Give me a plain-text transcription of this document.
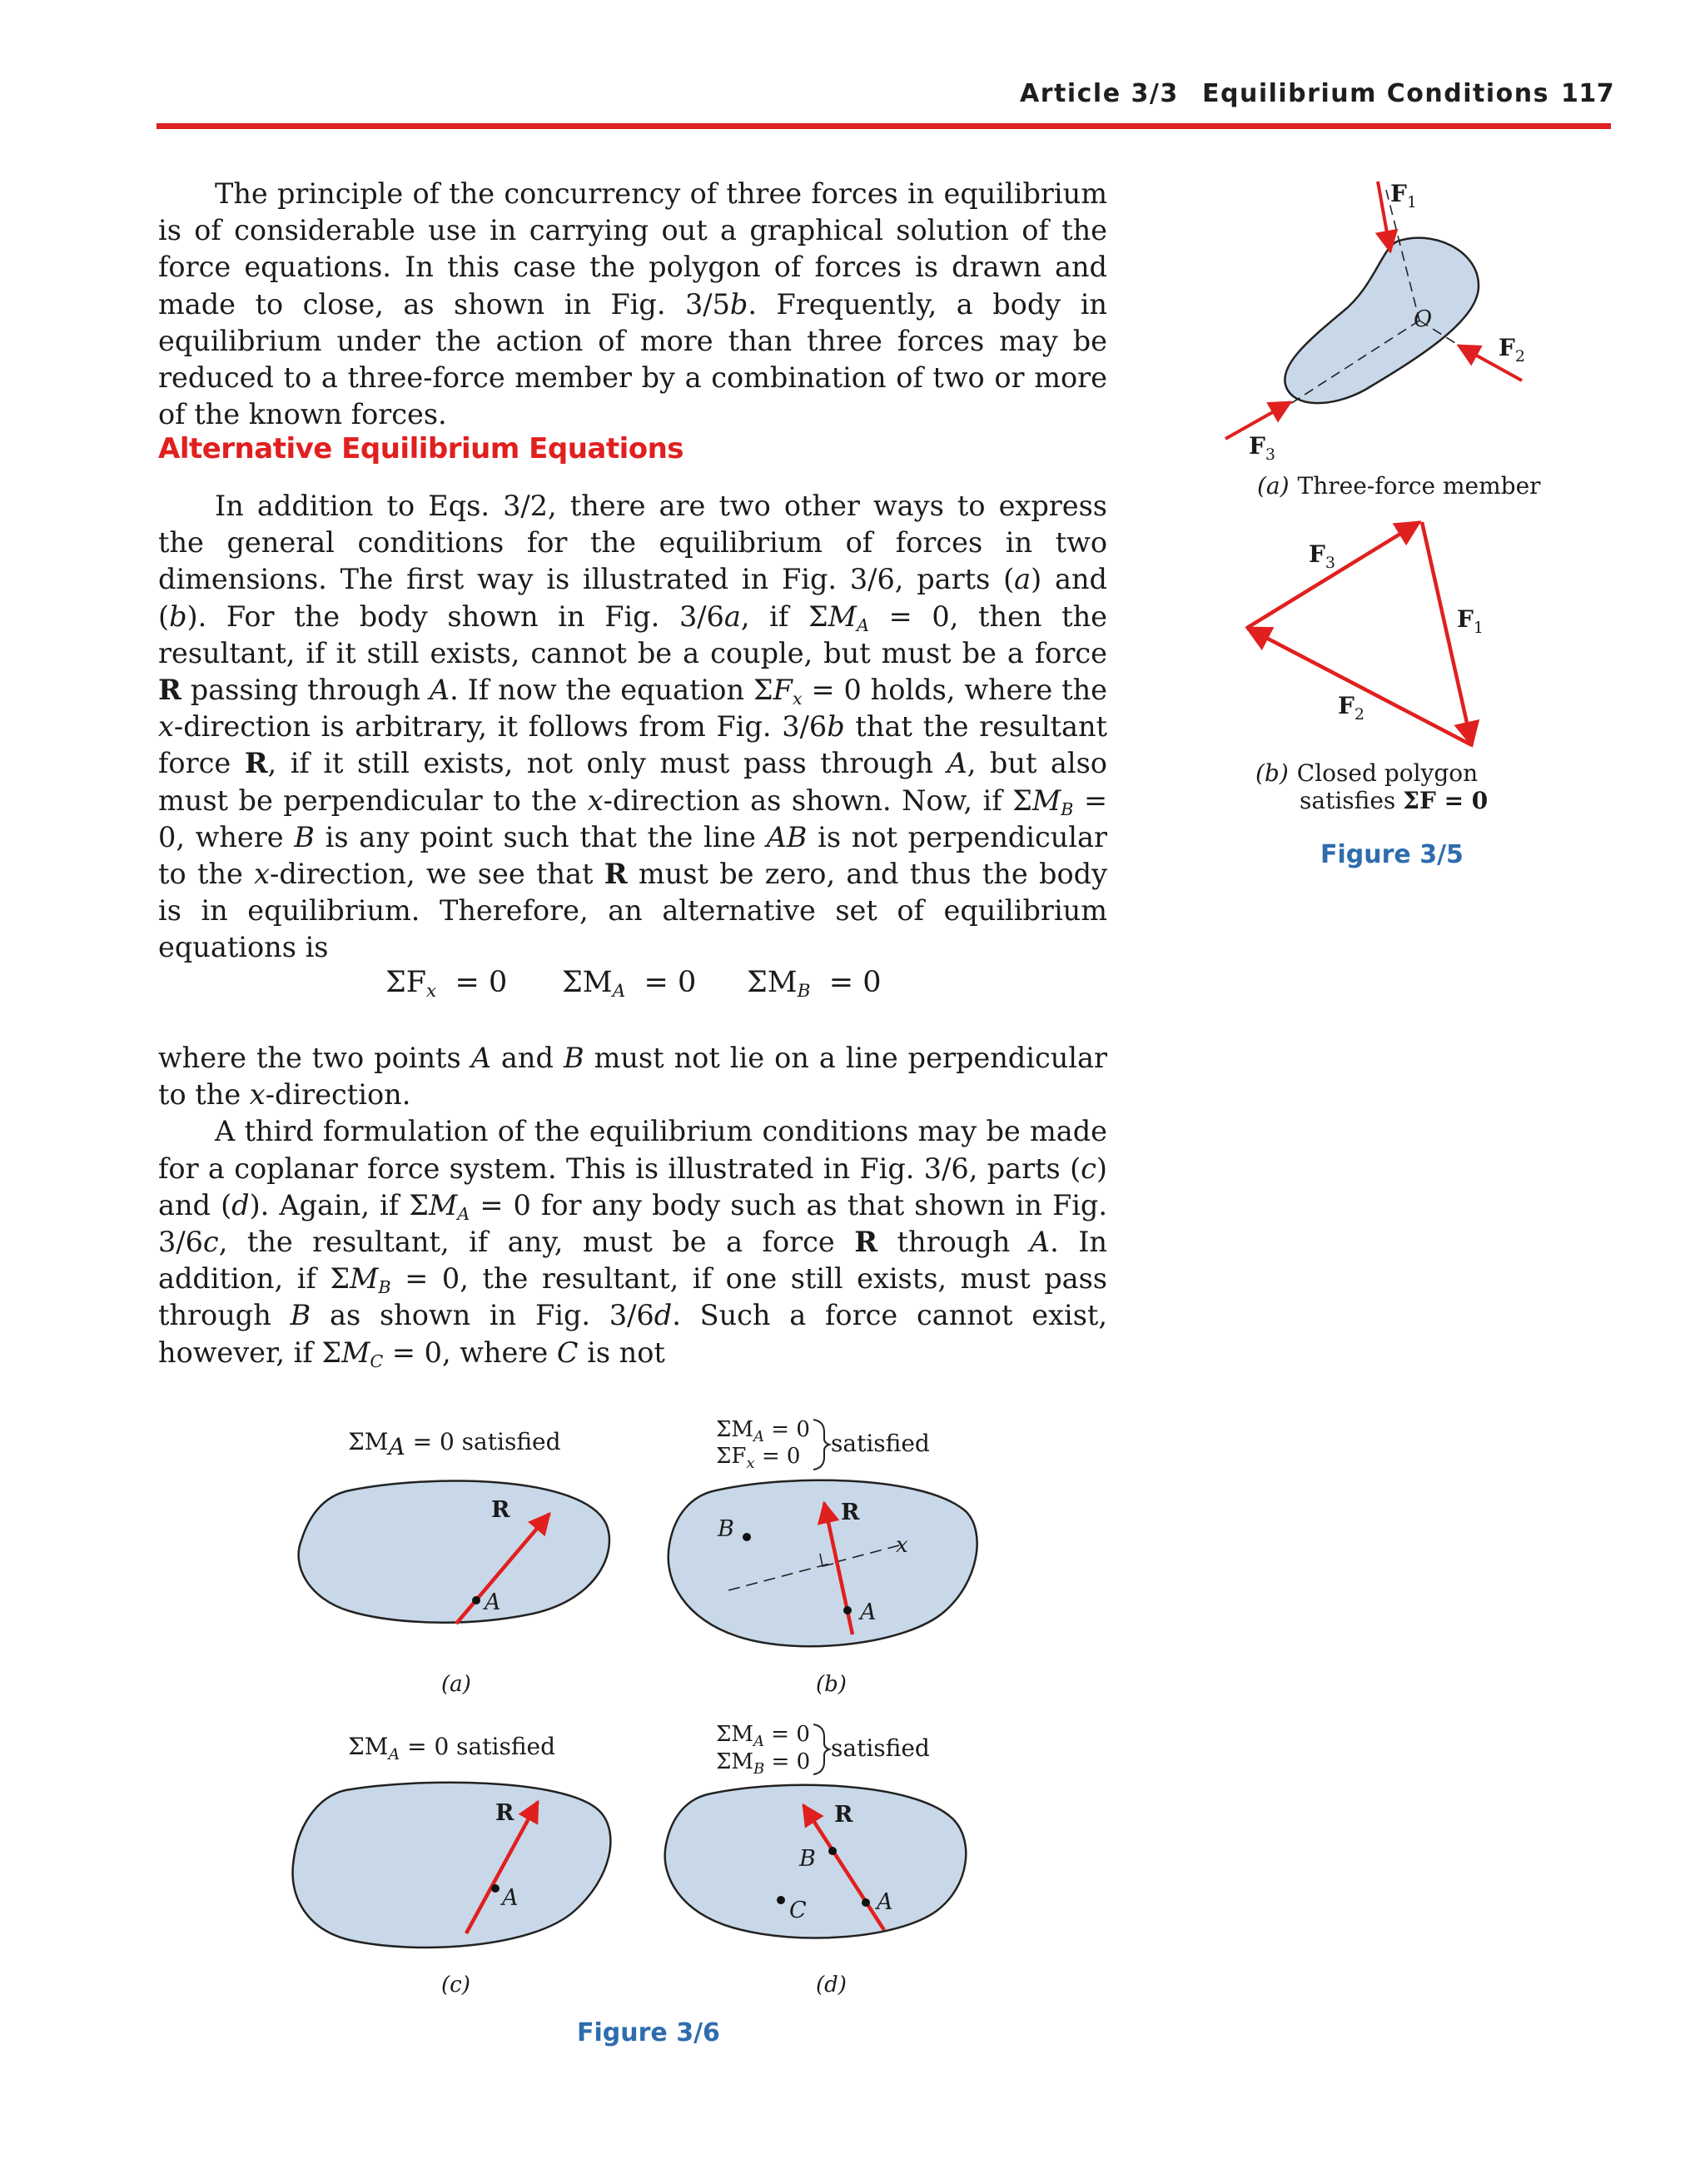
Article 3/3 Equilibrium Conditions 117

The principle of the concurrency of three forces in equilibrium is of considerable use in carrying out a graphical solution of the force equations. In this case the polygon of forces is drawn and made to close, as shown in Fig. 3/5b. Frequently, a body in equilibrium under the action of more than three forces may be reduced to a three-force member by a combination of two or more of the known forces.

Alternative Equilibrium Equations

In addition to Eqs. 3/2, there are two other ways to express the general conditions for the equilibrium of forces in two dimensions. The first way is illustrated in Fig. 3/6, parts (a) and (b). For the body shown in Fig. 3/6a, if $\Sigma M_A = 0$, then the resultant, if it still exists, cannot be a couple, but must be a force R passing through A. If now the equation $\Sigma F_x = 0$ holds, where the x-direction is arbitrary, it follows from Fig. 3/6b that the resultant force R, if it still exists, not only must pass through A, but also must be perpendicular to the x-direction as shown. Now, if $\Sigma M_B = 0$, where B is any point such that the line AB is not perpendicular to the x-direction, we see that R must be zero, and thus the body is in equilibrium. Therefore, an alternative set of equilibrium equations is

$\Sigma F_x = 0$ $\Sigma M_A = 0$ $\Sigma M_B = 0$

where the two points A and B must not lie on a line perpendicular to the x-direction.

A third formulation of the equilibrium conditions may be made for a coplanar force system. This is illustrated in Fig. 3/6, parts (c) and (d). Again, if $\Sigma M_A = 0$ for any body such as that shown in Fig. 3/6c, the resultant, if any, must be a force R through A. In addition, if $\Sigma M_B = 0$, the resultant, if one still exists, must pass through B as shown in Fig. 3/6d. Such a force cannot exist, however, if $\Sigma M_C = 0$, where C is not

$F_1$
O
$F_2$
$F_3$
(a) Three-force member
$F_3$
$F_1$
$F_2$
(b) Closed polygon
satisfies ΣF = 0
Figure 3/5
ΣMA = 0 satisfied
R
A
(a)
$\Sigma M_A = 0$
$\Sigma F_x = 0$ satisfied
B
R
A
x
(b)
$\Sigma M_A = 0$ satisfied
R
A
(c)
$\Sigma M_A = 0$
$\Sigma M_B = 0$ satisfied
R
B
A
C
(d)
Figure 3/6
